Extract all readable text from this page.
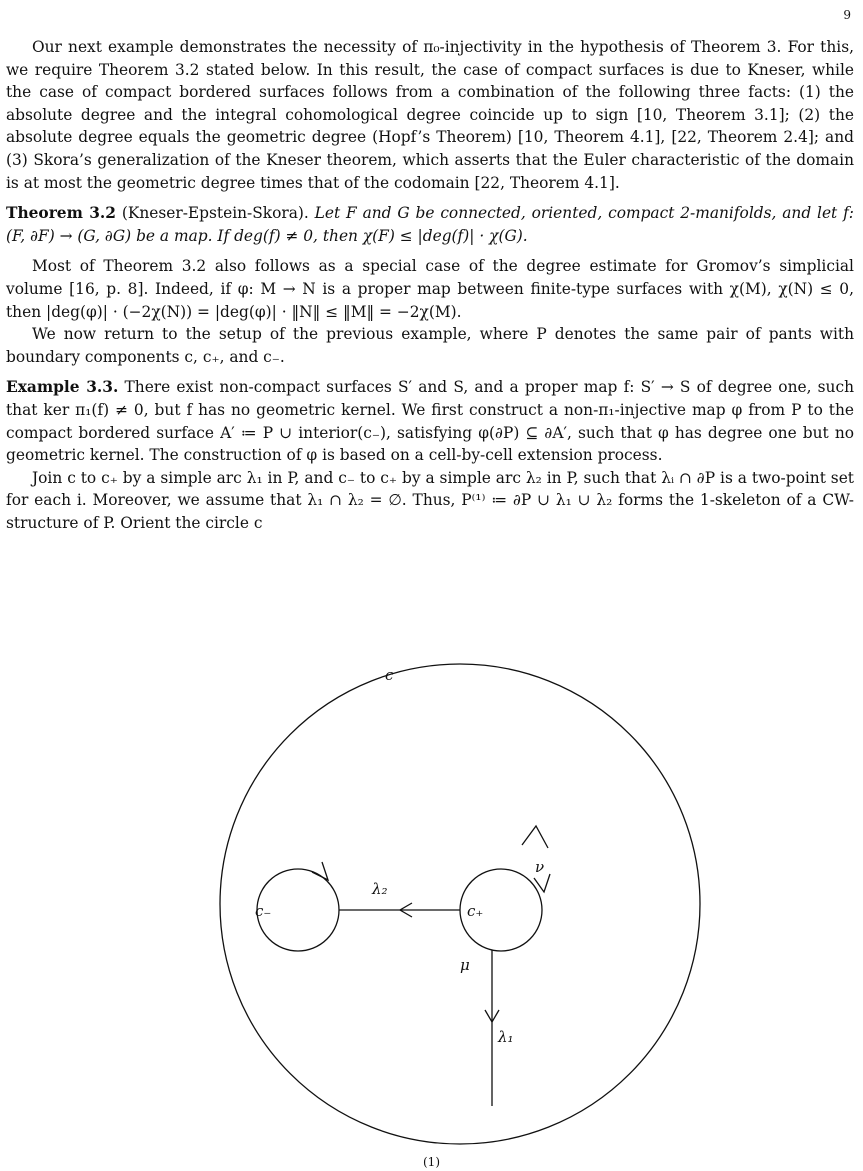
9

Our next example demonstrates the necessity of π₀-injectivity in the hypothesis of Theorem 3. For this, we require Theorem 3.2 stated below. In this result, the case of compact surfaces is due to Kneser, while the case of compact bordered surfaces follows from a combination of the following three facts: (1) the absolute degree and the integral cohomological degree coincide up to sign [10, Theorem 3.1]; (2) the absolute degree equals the geometric degree (Hopf’s Theorem) [10, Theorem 4.1], [22, Theorem 2.4]; and (3) Skora’s generalization of the Kneser theorem, which asserts that the Euler characteristic of the domain is at most the geometric degree times that of the codomain [22, Theorem 4.1].

Theorem 3.2 (Kneser-Epstein-Skora). Let F and G be connected, oriented, compact 2-manifolds, and let f: (F, ∂F) → (G, ∂G) be a map. If deg(f) ≠ 0, then χ(F) ≤ |deg(f)| · χ(G).

Most of Theorem 3.2 also follows as a special case of the degree estimate for Gromov’s simplicial volume [16, p. 8]. Indeed, if φ: M → N is a proper map between finite-type surfaces with χ(M), χ(N) ≤ 0, then |deg(φ)| · (−2χ(N)) = |deg(φ)| · ‖N‖ ≤ ‖M‖ = −2χ(M).

We now return to the setup of the previous example, where P denotes the same pair of pants with boundary components c, c₊, and c₋.

Example 3.3. There exist non-compact surfaces S′ and S, and a proper map f: S′ → S of degree one, such that ker π₁(f) ≠ 0, but f has no geometric kernel. We first construct a non-π₁-injective map φ from P to the compact bordered surface A′ ≔ P ∪ interior(c₋), satisfying φ(∂P) ⊆ ∂A′, such that φ has degree one but no geometric kernel. The construction of φ is based on a cell-by-cell extension process.

Join c to c₊ by a simple arc λ₁ in P, and c₋ to c₊ by a simple arc λ₂ in P, such that λᵢ ∩ ∂P is a two-point set for each i. Moreover, we assume that λ₁ ∩ λ₂ = ∅. Thus, P⁽¹⁾ ≔ ∂P ∪ λ₁ ∪ λ₂ forms the 1-skeleton of a CW-structure of P. Orient the circle c

c
c₋	c₊
λ₂
λ₁
μ
ν
(1)
